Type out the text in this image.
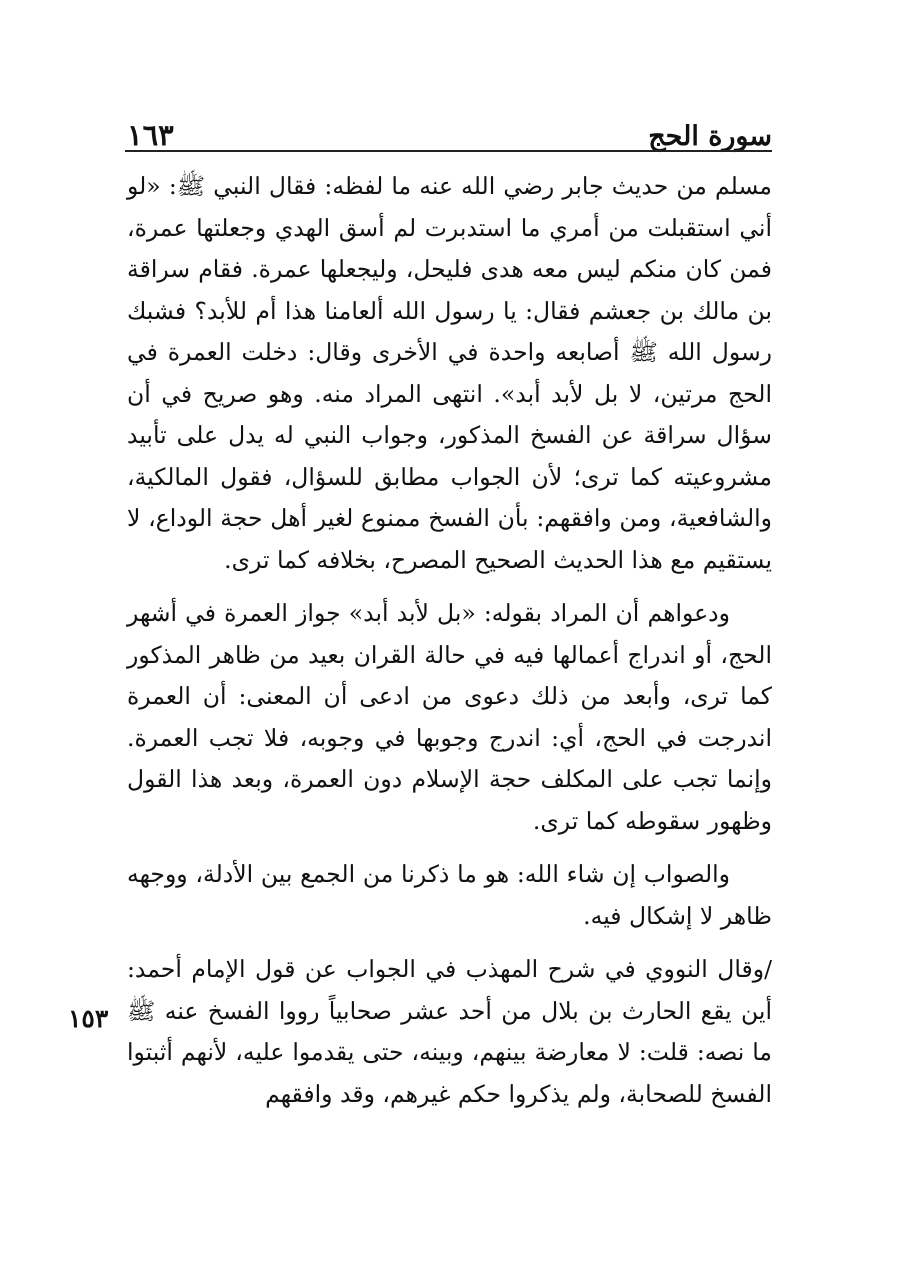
سورة الحج
١٦٣

مسلم من حديث جابر رضي الله عنه ما لفظه: فقال النبي ﷺ: «لو أني استقبلت من أمري ما استدبرت لم أسق الهدي وجعلتها عمرة، فمن كان منكم ليس معه هدى فليحل، وليجعلها عمرة. فقام سراقة بن مالك بن جعشم فقال: يا رسول الله ألعامنا هذا أم للأبد؟ فشبك رسول الله ﷺ أصابعه واحدة في الأخرى وقال: دخلت العمرة في الحج مرتين، لا بل لأبد أبد». انتهى المراد منه. وهو صريح في أن سؤال سراقة عن الفسخ المذكور، وجواب النبي له يدل على تأبيد مشروعيته كما ترى؛ لأن الجواب مطابق للسؤال، فقول المالكية، والشافعية، ومن وافقهم: بأن الفسخ ممنوع لغير أهل حجة الوداع، لا يستقيم مع هذا الحديث الصحيح المصرح، بخلافه كما ترى.

ودعواهم أن المراد بقوله: «بل لأبد أبد» جواز العمرة في أشهر الحج، أو اندراج أعمالها فيه في حالة القران بعيد من ظاهر المذكور كما ترى، وأبعد من ذلك دعوى من ادعى أن المعنى: أن العمرة اندرجت في الحج، أي: اندرج وجوبها في وجوبه، فلا تجب العمرة. وإنما تجب على المكلف حجة الإسلام دون العمرة، وبعد هذا القول وظهور سقوطه كما ترى.

والصواب إن شاء الله: هو ما ذكرنا من الجمع بين الأدلة، ووجهه ظاهر لا إشكال فيه.

/وقال النووي في شرح المهذب في الجواب عن قول الإمام أحمد: أين يقع الحارث بن بلال من أحد عشر صحابياً رووا الفسخ عنه ﷺ ما نصه: قلت: لا معارضة بينهم، وبينه، حتى يقدموا عليه، لأنهم أثبتوا الفسخ للصحابة، ولم يذكروا حكم غيرهم، وقد وافقهم

١٥٣
